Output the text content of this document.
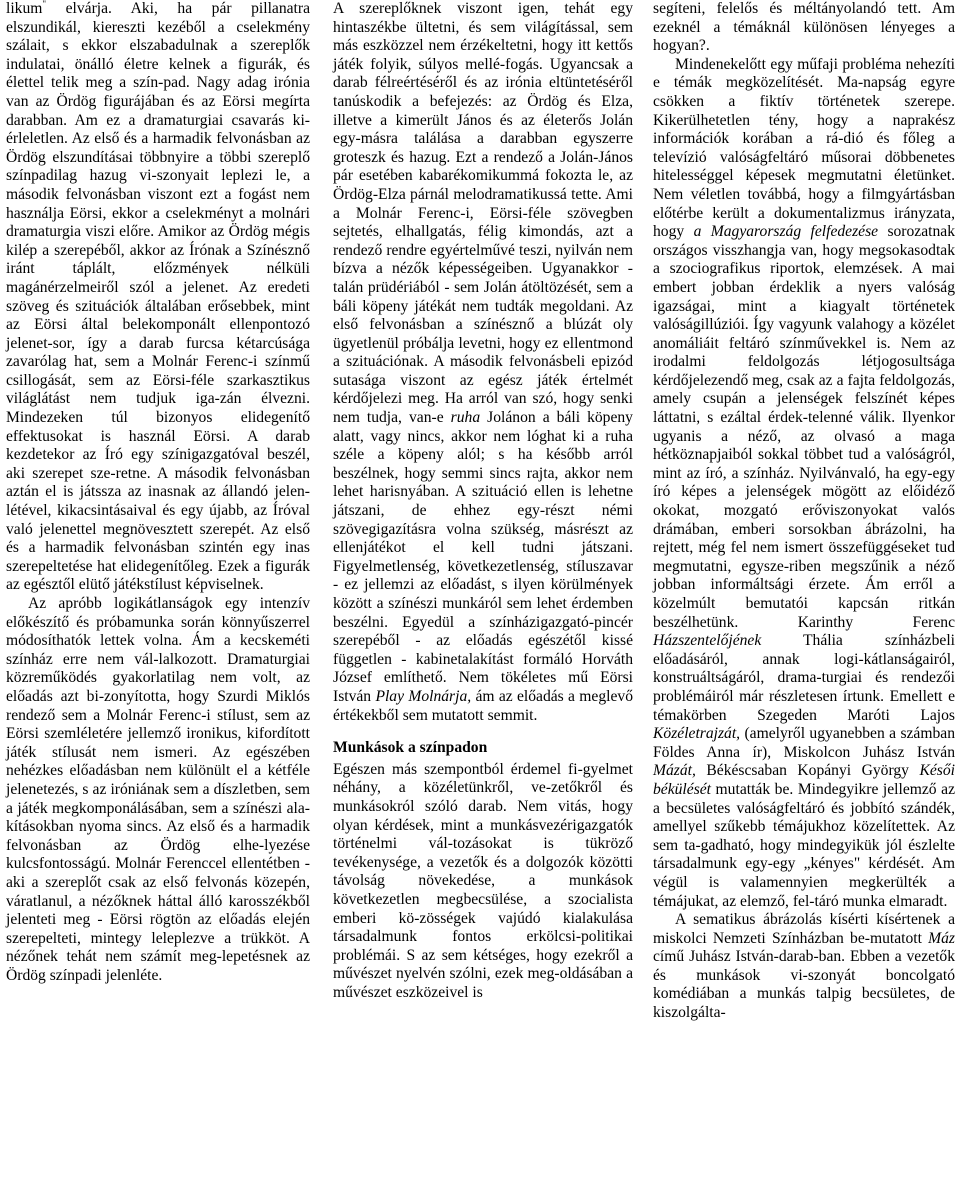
likum" elvárja. Aki, ha pár pillanatra elszundikál, kiereszti kezéből a cselekmény szálait, s ekkor elszabadulnak a szereplők indulatai, önálló életre kelnek a figurák, és élettel telik meg a szín-pad. Nagy adag irónia van az Ördög figurájában és az Eörsi megírta darabban. Am ez a dramaturgiai csavarás ki-érleletlen. Az első és a harmadik felvonásban az Ördög elszundításai többnyire a többi szereplő színpadilag hazug vi-szonyait leplezi le, a második felvonásban viszont ezt a fogást nem használja Eörsi, ekkor a cselekményt a molnári dramaturgia viszi előre. Amikor az Ördög mégis kilép a szerepéből, akkor az Írónak a Színésznő iránt táplált, előzmények nélküli magánérzelmeiről szól a jelenet. Az eredeti szöveg és szituációk általában erősebbek, mint az Eörsi által belekomponált ellenpontozó jelenet-sor, így a darab furcsa kétarcúsága zavarólag hat, sem a Molnár Ferenc-i színmű csillogását, sem az Eörsi-féle szarkasztikus világlátást nem tudjuk iga-zán élvezni. Mindezeken túl bizonyos elidegenítő effektusokat is használ Eörsi. A darab kezdetekor az Író egy színigazgatóval beszél, aki szerepet sze-retne. A második felvonásban aztán el is játssza az inasnak az állandó jelen-létével, kikacsintásaival és egy újabb, az Íróval való jelenettel megnövesztett szerepét. Az első és a harmadik felvonásban szintén egy inas szerepeltetése hat elidegenítőleg. Ezek a figurák az egésztől elütő játékstílust képviselnek.

Az apróbb logikátlanságok egy intenzív előkészítő és próbamunka során könnyűszerrel módosíthatók lettek volna. Ám a kecskeméti színház erre nem vál-lalkozott. Dramaturgiai közreműködés gyakorlatilag nem volt, az előadás azt bi-zonyította, hogy Szurdi Miklós rendező sem a Molnár Ferenc-i stílust, sem az Eörsi szemléletére jellemző ironikus, kifordított játék stílusát nem ismeri. Az egészében nehézkes előadásban nem különült el a kétféle jelenetezés, s az iróniának sem a díszletben, sem a játék megkomponálásában, sem a színészi ala-kításokban nyoma sincs. Az első és a harmadik felvonásban az Ördög elhe-lyezése kulcsfontosságú. Molnár Ferenccel ellentétben - aki a szereplőt csak az első felvonás közepén, váratlanul, a nézőknek háttal álló karosszékből jelenteti meg - Eörsi rögtön az előadás elején szerepelteti, mintegy leleplezve a trükköt. A nézőnek tehát nem számít meg-lepetésnek az Ördög színpadi jelenléte.

A szereplőknek viszont igen, tehát egy hintaszékbe ültetni, és sem világítással, sem más eszközzel nem érzékeltetni, hogy itt kettős játék folyik, súlyos mellé-fogás. Ugyancsak a darab félreértéséről és az irónia eltüntetéséről tanúskodik a befejezés: az Ördög és Elza, illetve a kimerült János és az életerős Jolán egy-másra találása a darabban egyszerre groteszk és hazug. Ezt a rendező a Jolán-János pár esetében kabarékomikummá fokozta le, az Ördög-Elza párnál melodramatikussá tette. Ami a Molnár Ferenc-i, Eörsi-féle szövegben sejtetés, elhallgatás, félig kimondás, azt a rendező rendre egyértelművé teszi, nyilván nem bízva a nézők képességeiben. Ugyanakkor - talán prüdériából - sem Jolán átöltözését, sem a báli köpeny játékát nem tudták megoldani. Az első felvonásban a színésznő a blúzát oly ügyetlenül próbálja levetni, hogy ez ellentmond a szituációnak. A második felvonásbeli epizód sutasága viszont az egész játék értelmét kérdőjelezi meg. Ha arról van szó, hogy senki nem tudja, van-e ruha Jolánon a báli köpeny alatt, vagy nincs, akkor nem lóghat ki a ruha széle a köpeny alól; s ha később arról beszélnek, hogy semmi sincs rajta, akkor nem lehet harisnyában. A szituáció ellen is lehetne játszani, de ehhez egy-részt némi szövegigazításra volna szükség, másrészt az ellenjátékot el kell tudni játszani. Figyelmetlenség, következetlenség, stíluszavar - ez jellemzi az előadást, s ilyen körülmények között a színészi munkáról sem lehet érdemben beszélni. Egyedül a színházigazgató-pincér szerepéből - az előadás egészétől kissé független - kabinetalakítást formáló Horváth József említhető. Nem tökéletes mű Eörsi István Play Molnárja, ám az előadás a meglevő értékekből sem mutatott semmit.

Munkások a színpadon

Egészen más szempontból érdemel fi-gyelmet néhány, a közéletünkről, ve-zetőkről és munkásokról szóló darab. Nem vitás, hogy olyan kérdések, mint a munkásvezérigazgatók történelmi vál-tozásokat is tükröző tevékenysége, a vezetők és a dolgozók közötti távolság növekedése, a munkások következetlen megbecsülése, a szocialista emberi kö-zösségek vajúdó kialakulása társadalmunk fontos erkölcsi-politikai problémái. S az sem kétséges, hogy ezekről a művészet nyelvén szólni, ezek meg-oldásában a művészet eszközeivel is

segíteni, felelős és méltányolandó tett. Am ezeknél a témáknál különösen lényeges a hogyan?.

Mindenekelőtt egy műfaji probléma nehezíti e témák megközelítését. Ma-napság egyre csökken a fiktív történetek szerepe. Kikerülhetetlen tény, hogy a naprakész információk korában a rá-dió és főleg a televízió valóságfeltáró műsorai döbbenetes hitelességgel képesek megmutatni életünket. Nem véletlen továbbá, hogy a filmgyártásban előtérbe került a dokumentalizmus irányzata, hogy a Magyarország felfedezése sorozatnak országos visszhangja van, hogy megsokasodtak a szociografikus riportok, elemzések. A mai embert jobban érdeklik a nyers valóság igazságai, mint a kiagyalt történetek valóságillúziói. Így vagyunk valahogy a közélet anomáliáit feltáró színművekkel is. Nem az irodalmi feldolgozás létjogosultsága kérdőjelezendő meg, csak az a fajta feldolgozás, amely csupán a jelenségek felszínét képes láttatni, s ezáltal érdek-telenné válik. Ilyenkor ugyanis a néző, az olvasó a maga hétköznapjaiból sokkal többet tud a valóságról, mint az író, a színház. Nyilvánvaló, ha egy-egy író képes a jelenségek mögött az előidéző okokat, mozgató erőviszonyokat valós drámában, emberi sorsokban ábrázolni, ha rejtett, még fel nem ismert összefüggéseket tud megmutatni, egysze-riben megszűnik a néző jobban informáltsági érzete. Ám erről a közelmúlt bemutatói kapcsán ritkán beszélhetünk. Karinthy Ferenc Házszentelőjének Thália színházbeli előadásáról, annak logi-kátlanságairól, konstruáltságáról, drama-turgiai és rendezői problémáiról már részletesen írtunk. Emellett e témakörben Szegeden Maróti Lajos Közéletrajzát, (amelyről ugyanebben a számban Földes Anna ír), Miskolcon Juhász István Mázát, Békéscsaban Kopányi György Késői békülését mutatták be. Mindegyikre jellemző az a becsületes valóságfeltáró és jobbító szándék, amellyel szűkebb témájukhoz közelítettek. Az sem ta-gadható, hogy mindegyikük jól észlelte társadalmunk egy-egy „kényes" kérdését. Am végül is valamennyien megkerülték a témájukat, az elemző, fel-táró munka elmaradt.

A sematikus ábrázolás kísérti kísértenek a miskolci Nemzeti Színházban be-mutatott Máz című Juhász István-darab-ban. Ebben a vezetők és munkások vi-szonyát boncolgató komédiában a munkás talpig becsületes, de kiszolgálta-
